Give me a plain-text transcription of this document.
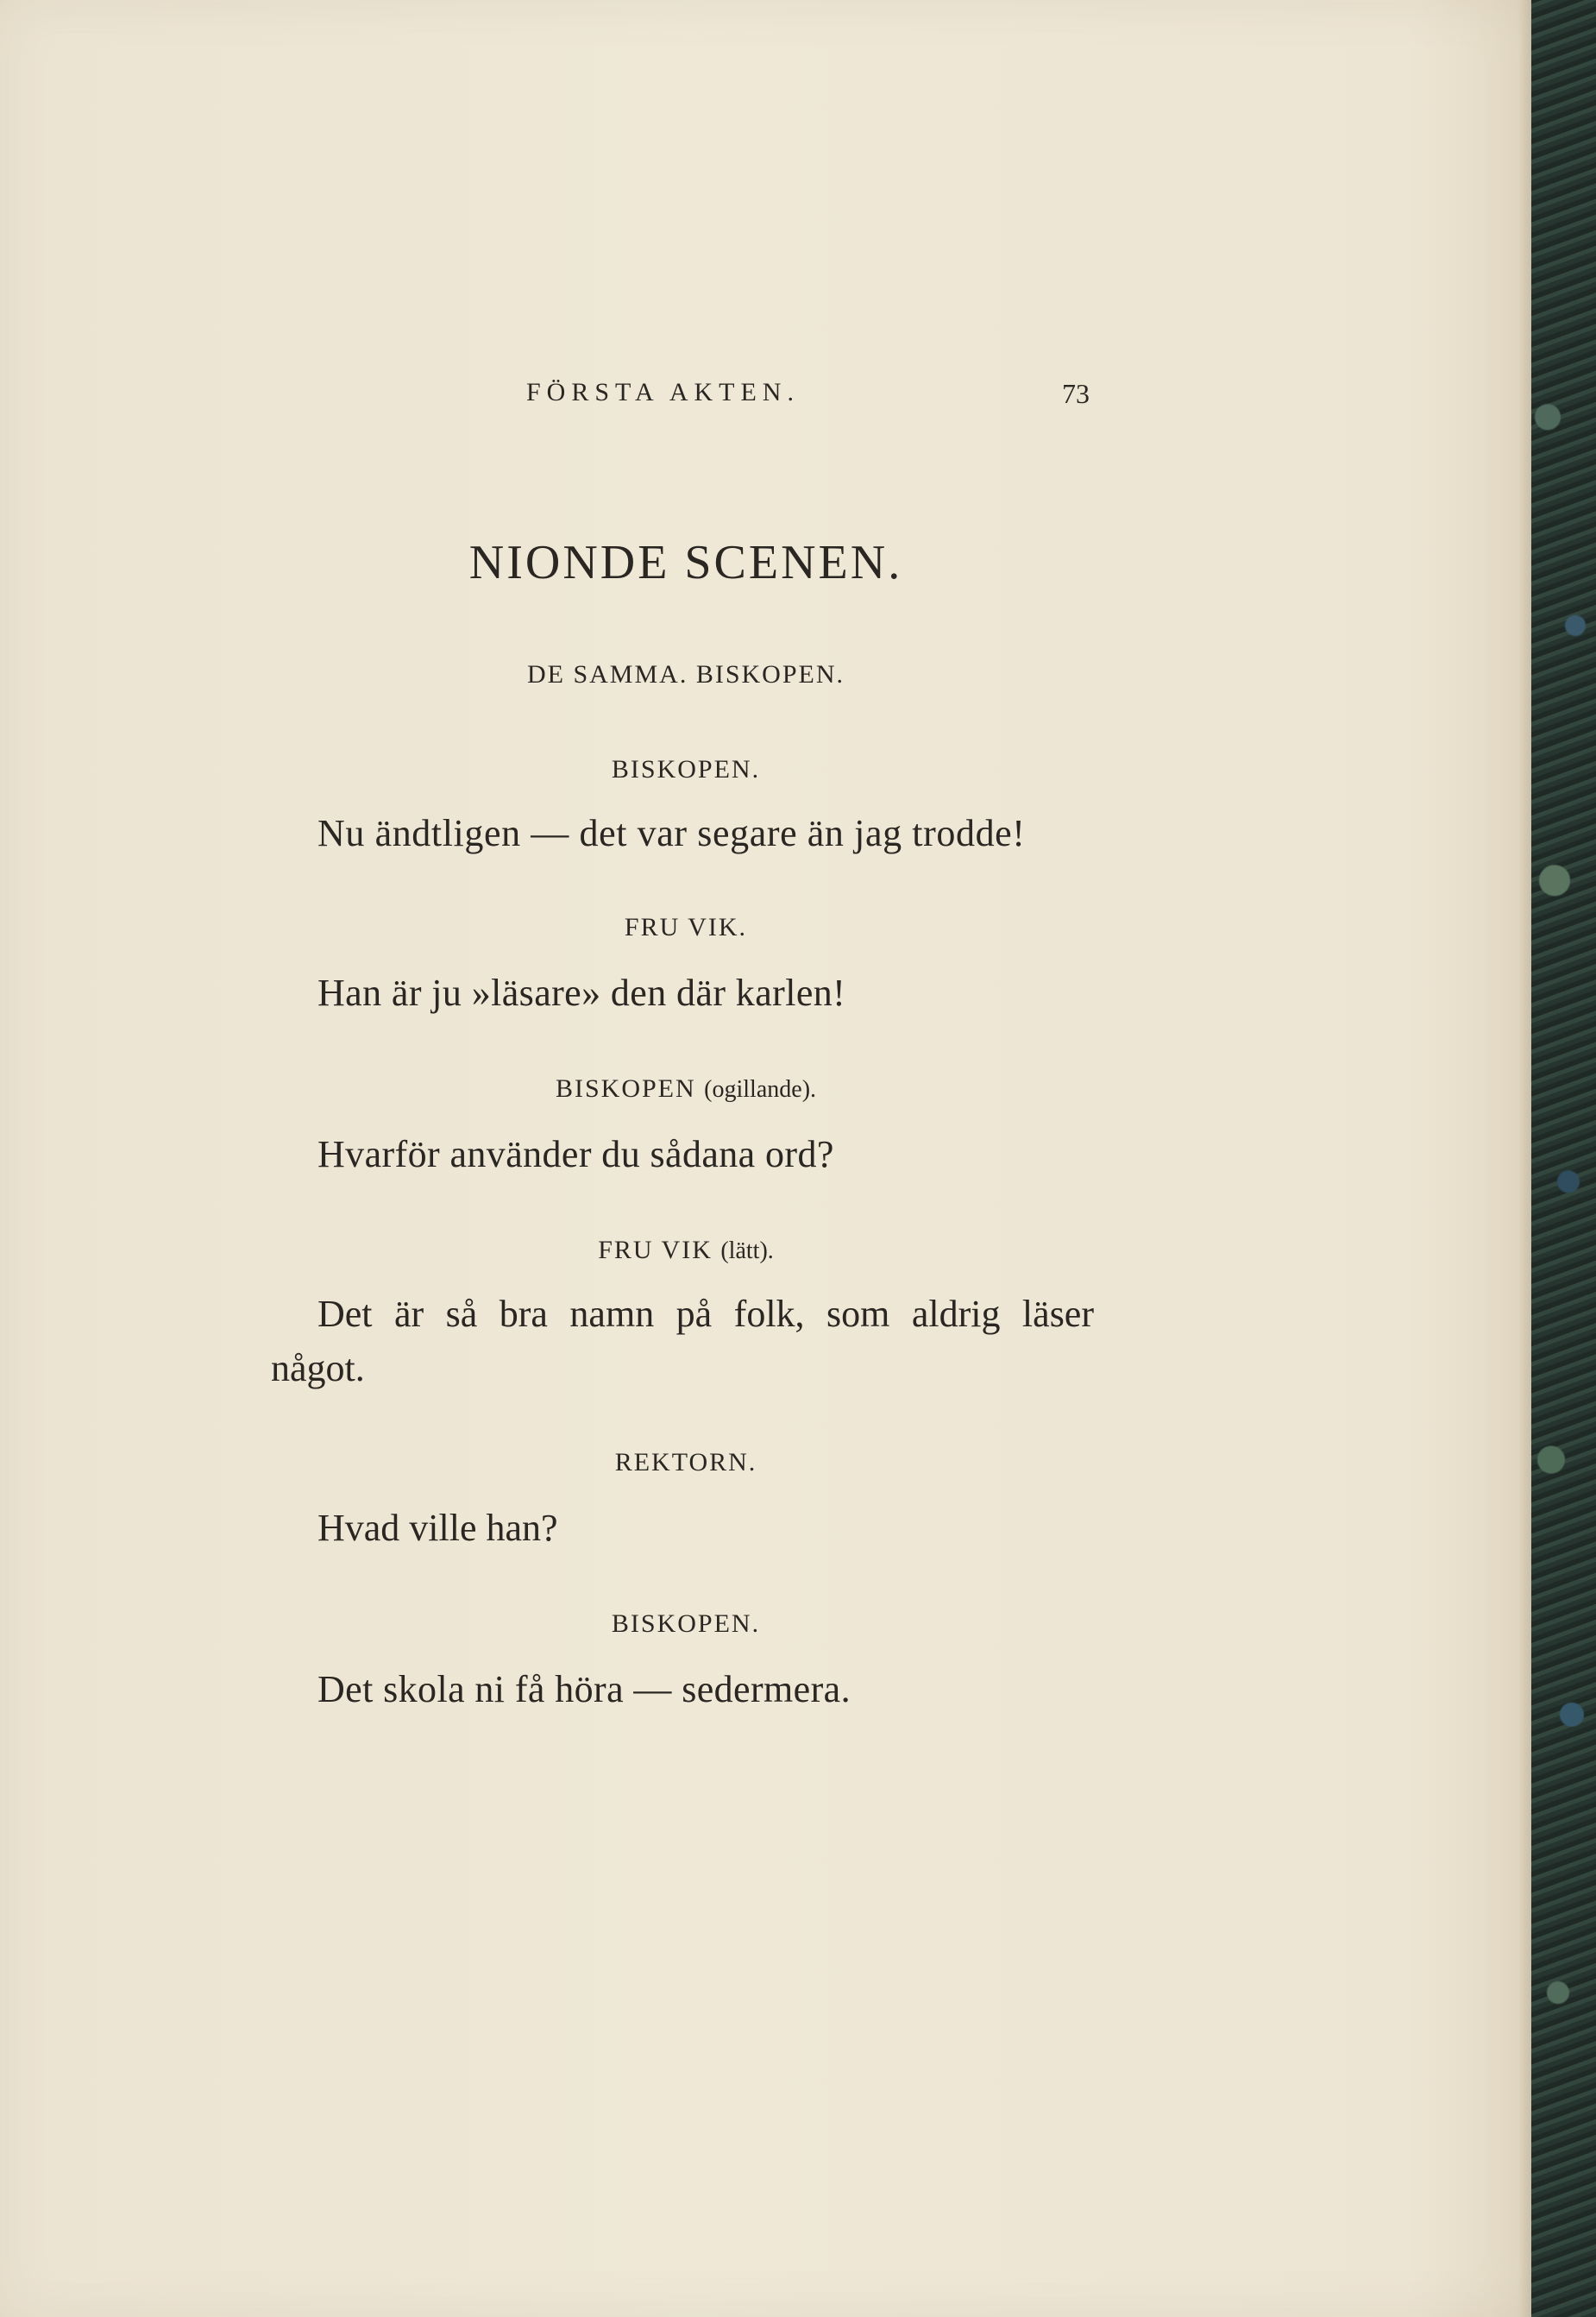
FÖRSTA AKTEN.	73
NIONDE SCENEN.
DE SAMMA. BISKOPEN.
BISKOPEN.
Nu ändtligen — det var segare än jag trodde!
FRU VIK.
Han är ju »läsare» den där karlen!
BISKOPEN (ogillande).
Hvarför använder du sådana ord?
FRU VIK (lätt).
Det är så bra namn på folk, som aldrig läser
något.
REKTORN.
Hvad ville han?
BISKOPEN.
Det skola ni få höra — sedermera.
